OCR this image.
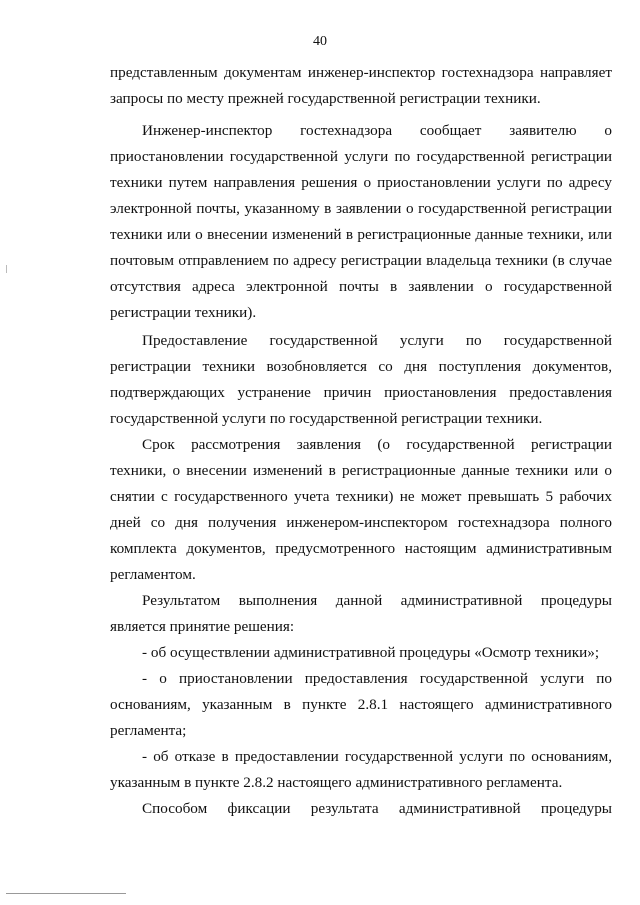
40
представленным документам инженер-инспектор гостехнадзора направляет
запросы по месту прежней государственной регистрации техники.
Инженер-инспектор гостехнадзора сообщает заявителю о
приостановлении государственной услуги по государственной регистрации
техники путем направления решения о приостановлении услуги по адресу
электронной почты, указанному в заявлении о государственной регистрации
техники или о внесении изменений в регистрационные данные техники, или
почтовым отправлением по адресу регистрации владельца техники (в случае
отсутствия адреса электронной почты в заявлении о государственной
регистрации техники).
Предоставление государственной услуги по государственной
регистрации техники возобновляется со дня поступления документов,
подтверждающих устранение причин приостановления предоставления
государственной услуги по государственной регистрации техники.
Срок рассмотрения заявления (о государственной регистрации
техники, о внесении изменений в регистрационные данные техники или о
снятии с государственного учета техники) не может превышать 5 рабочих
дней со дня получения инженером-инспектором гостехнадзора полного
комплекта документов, предусмотренного настоящим административным
регламентом.
Результатом выполнения данной административной процедуры
является принятие решения:
- об осуществлении административной процедуры «Осмотр техники»;
- о приостановлении предоставления государственной услуги по
основаниям, указанным в пункте 2.8.1 настоящего административного
регламента;
- об отказе в предоставлении государственной услуги по основаниям,
указанным в пункте 2.8.2 настоящего административного регламента.
Способом фиксации результата административной процедуры
